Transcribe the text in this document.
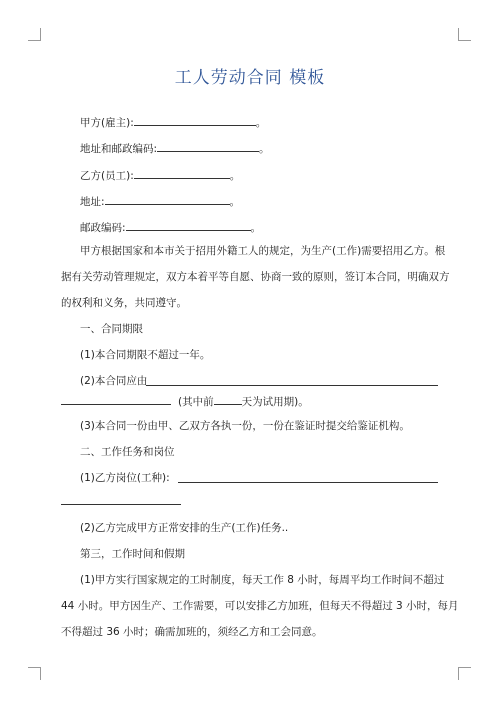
工人劳动合同 模板
甲方(雇主):	。
地址和邮政编码:	。
乙方(员工):	。
地址:	。
邮政编码:	。
甲方根据国家和本市关于招用外籍工人的规定，为生产(工作)需要招用乙方。根
据有关劳动管理规定，双方本着平等自愿、协商一致的原则，签订本合同，明确双方
的权利和义务，共同遵守。
一、合同期限
(1)本合同期限不超过一年。
(2)本合同应由
(其中前	天为试用期)。
(3)本合同一份由甲、乙双方各执一份，一份在鉴证时提交给鉴证机构。
二、工作任务和岗位
(1)乙方岗位(工种):
(2)乙方完成甲方正常安排的生产(工作)任务..
第三，工作时间和假期
(1)甲方实行国家规定的工时制度，每天工作 8 小时，每周平均工作时间不超过
44 小时。甲方因生产、工作需要，可以安排乙方加班，但每天不得超过 3 小时，每月
不得超过 36 小时；确需加班的，须经乙方和工会同意。
